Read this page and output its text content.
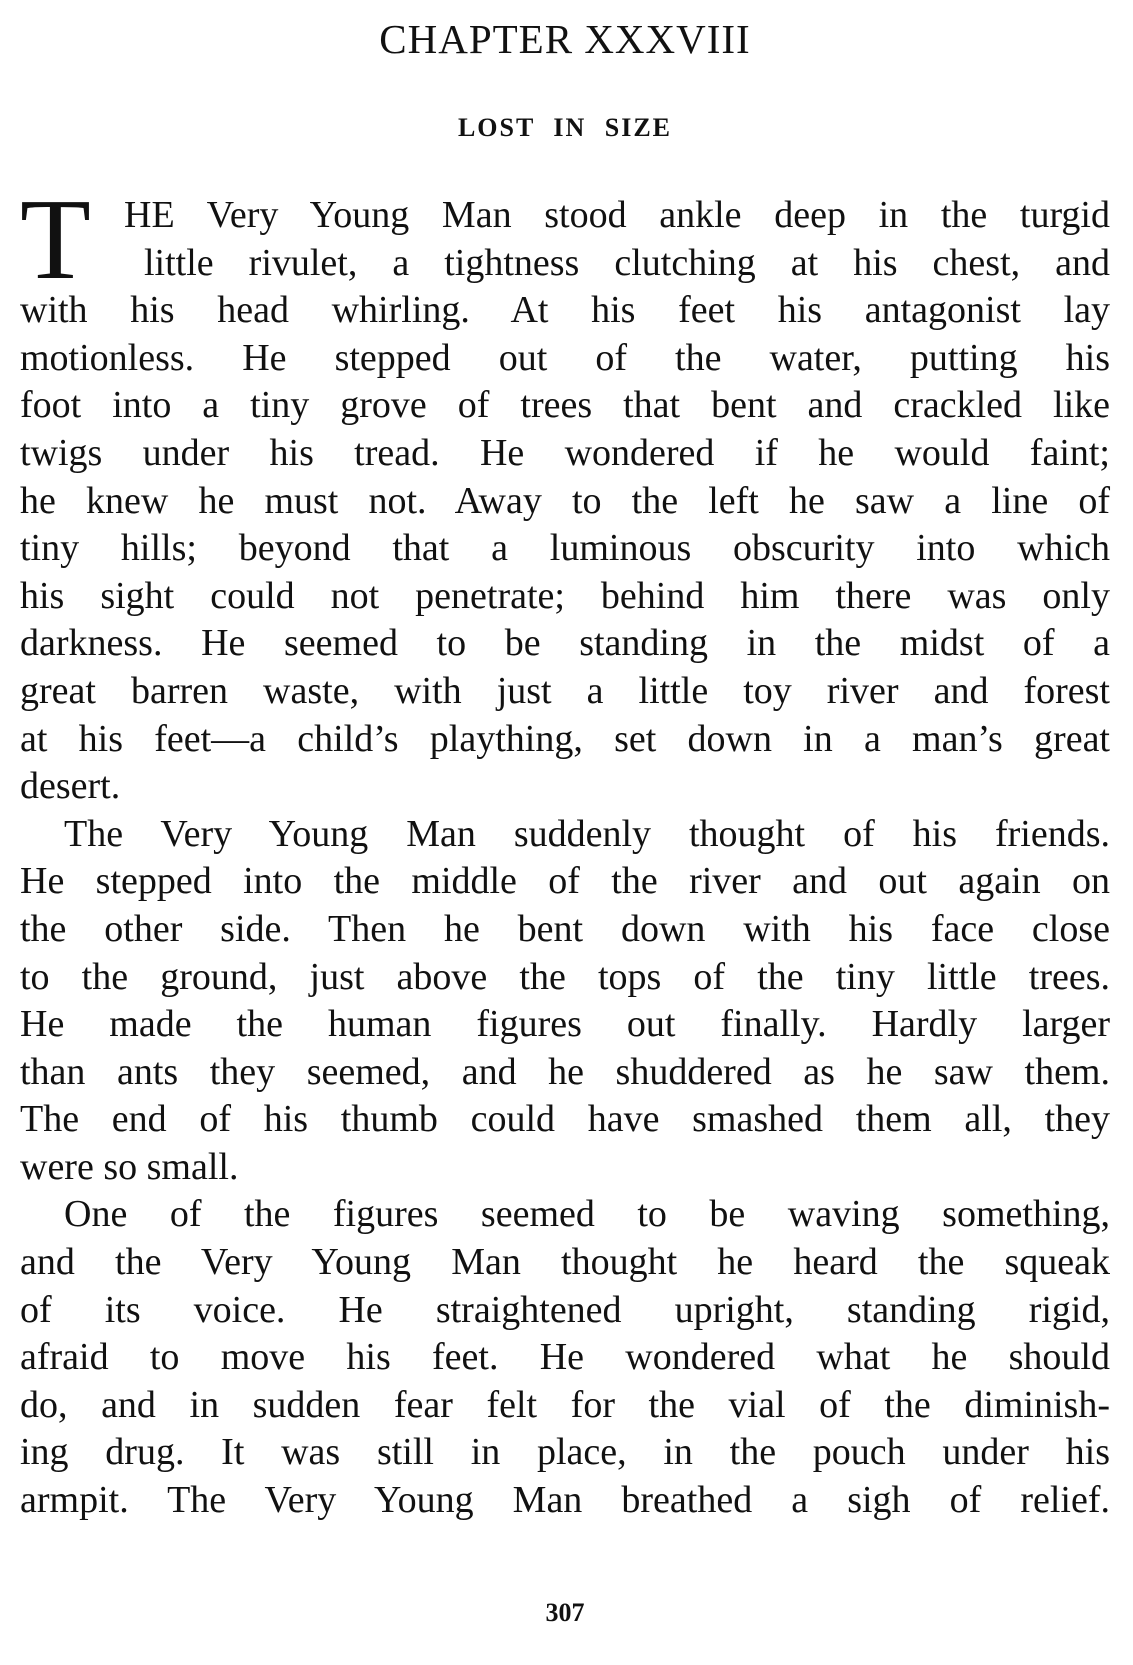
CHAPTER XXXVIII
LOST IN SIZE
T HE Very Young Man stood ankle deep in the turgid
little rivulet, a tightness clutching at his chest, and
with his head whirling. At his feet his antagonist lay
motionless. He stepped out of the water, putting his
foot into a tiny grove of trees that bent and crackled like
twigs under his tread. He wondered if he would faint;
he knew he must not. Away to the left he saw a line of
tiny hills; beyond that a luminous obscurity into which
his sight could not penetrate; behind him there was only
darkness. He seemed to be standing in the midst of a
great barren waste, with just a little toy river and forest
at his feet—a child’s plaything, set down in a man’s great
desert.
The Very Young Man suddenly thought of his friends.
He stepped into the middle of the river and out again on
the other side. Then he bent down with his face close
to the ground, just above the tops of the tiny little trees.
He made the human figures out finally. Hardly larger
than ants they seemed, and he shuddered as he saw them.
The end of his thumb could have smashed them all, they
were so small.
One of the figures seemed to be waving something,
and the Very Young Man thought he heard the squeak
of its voice. He straightened upright, standing rigid,
afraid to move his feet. He wondered what he should
do, and in sudden fear felt for the vial of the diminish-
ing drug. It was still in place, in the pouch under his
armpit. The Very Young Man breathed a sigh of relief.
307
